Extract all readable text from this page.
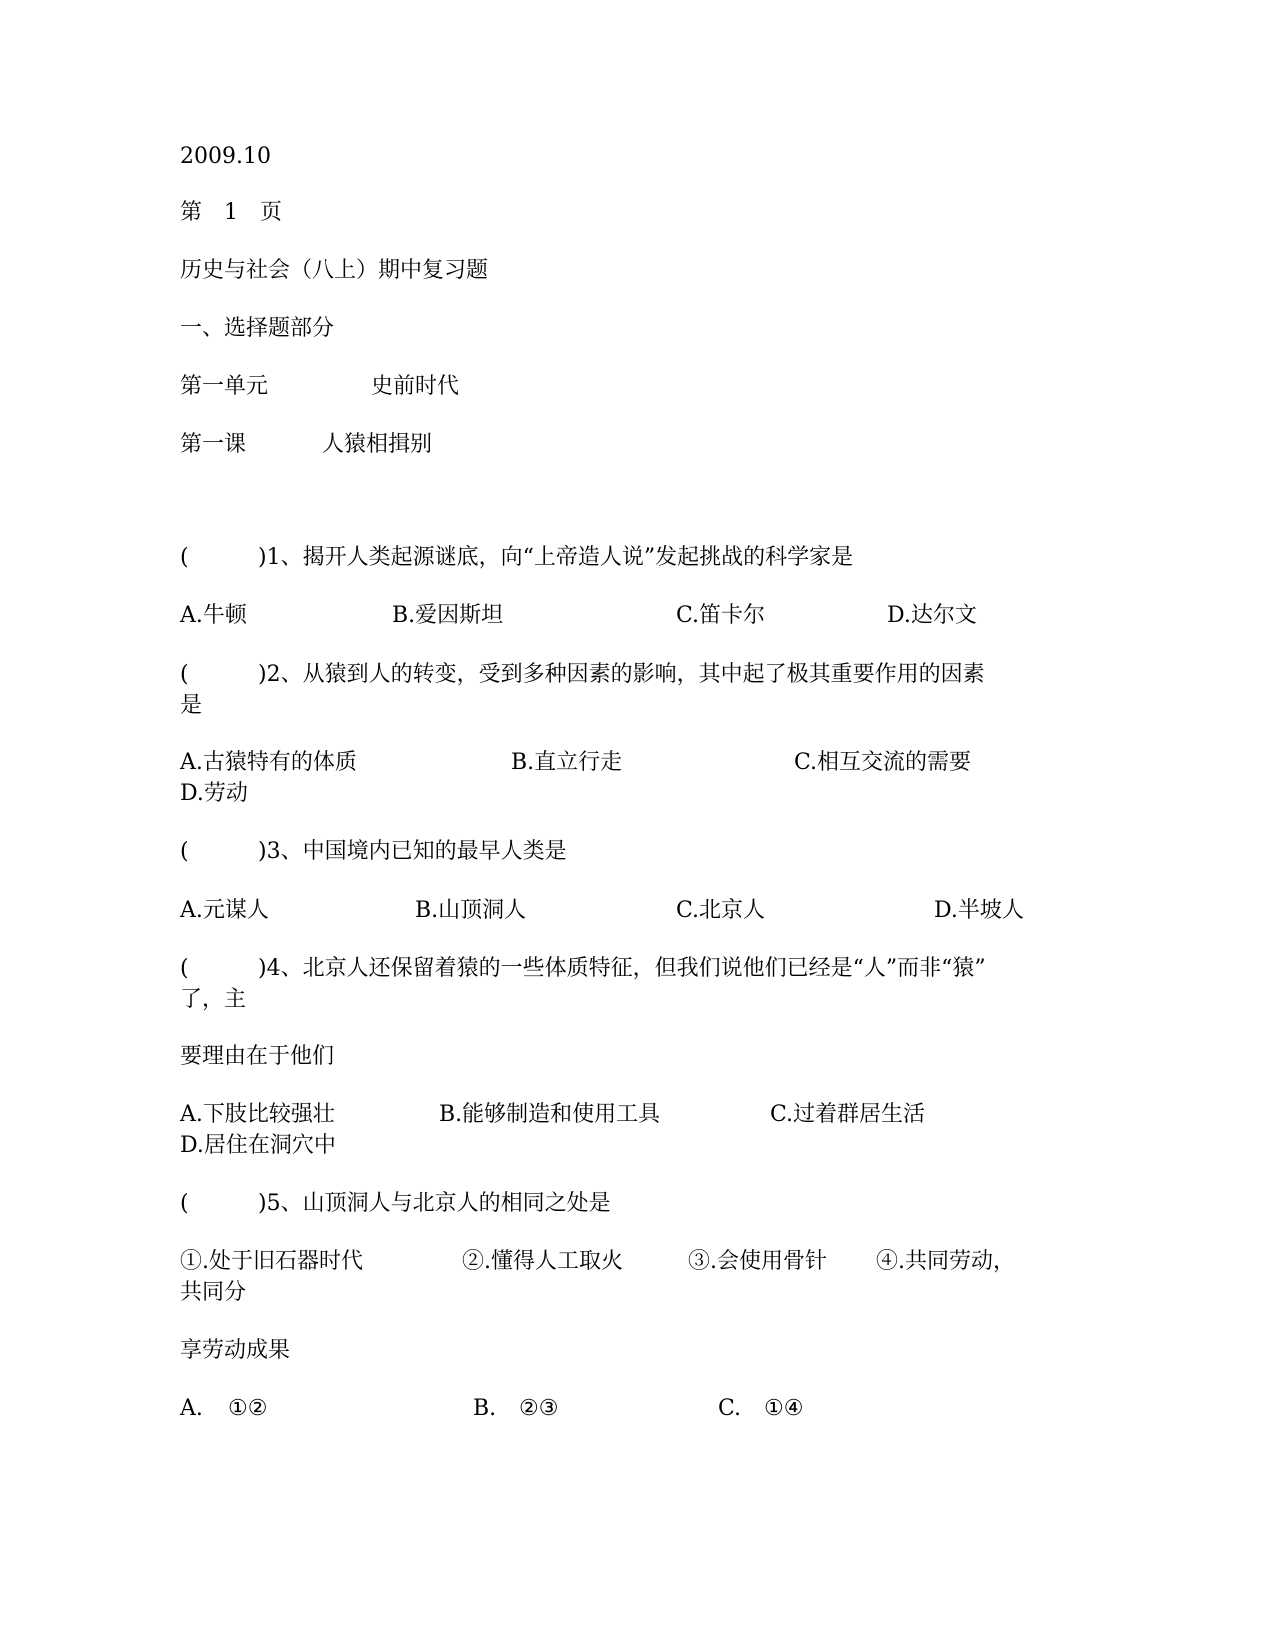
2009.10
第　1　页
历史与社会（八上）期中复习题
一、选择题部分
第一单元	史前时代
第一课	人猿相揖别
(	)1、揭开人类起源谜底，向“上帝造人说”发起挑战的科学家是
A.牛顿	B.爱因斯坦	C.笛卡尔	D.达尔文
(	)2、从猿到人的转变，受到多种因素的影响，其中起了极其重要作用的因素
是
A.古猿特有的体质	B.直立行走	C.相互交流的需要
D.劳动
(	)3、中国境内已知的最早人类是
A.元谋人	B.山顶洞人	C.北京人	D.半坡人
(	)4、北京人还保留着猿的一些体质特征，但我们说他们已经是“人”而非“猿”
了，主
要理由在于他们
A.下肢比较强壮	B.能够制造和使用工具	C.过着群居生活
D.居住在洞穴中
(	)5、山顶洞人与北京人的相同之处是
①.处于旧石器时代	②.懂得人工取火	③.会使用骨针 ④.共同劳动，
共同分
享劳动成果
A. ①②	B. ②③	C. ①④
